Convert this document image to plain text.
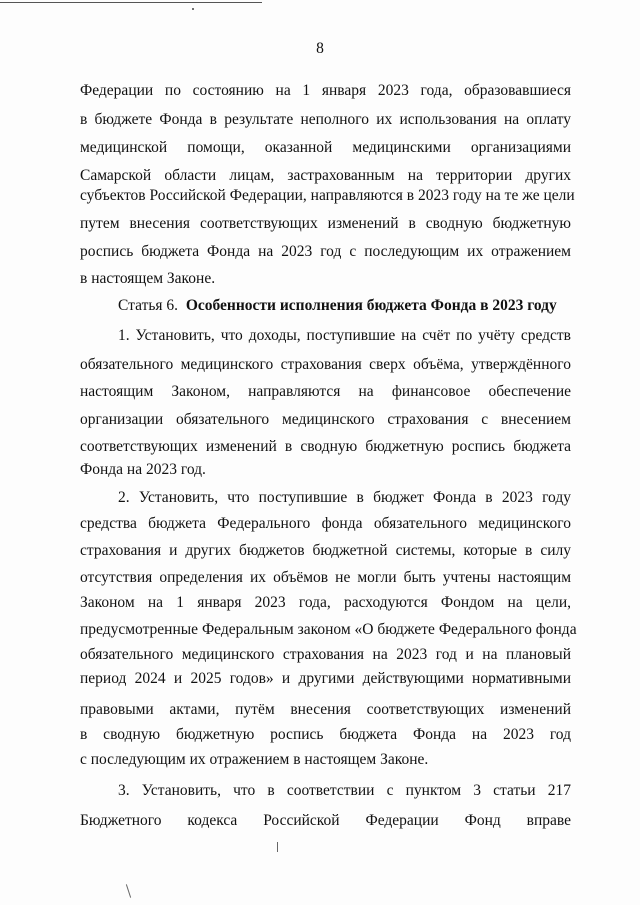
8
Федерации по состоянию на 1 января 2023 года, образовавшиеся
в бюджете Фонда в результате неполного их использования на оплату
медицинской помощи, оказанной медицинскими организациями
Самарской области лицам, застрахованным на территории других
субъектов Российской Федерации, направляются в 2023 году на те же цели
путем внесения соответствующих изменений в сводную бюджетную
роспись бюджета Фонда на 2023 год с последующим их отражением
в настоящем Законе.
Статья 6. Особенности исполнения бюджета Фонда в 2023 году
1. Установить, что доходы, поступившие на счёт по учёту средств
обязательного медицинского страхования сверх объёма, утверждённого
настоящим Законом, направляются на финансовое обеспечение
организации обязательного медицинского страхования с внесением
соответствующих изменений в сводную бюджетную роспись бюджета
Фонда на 2023 год.
2. Установить, что поступившие в бюджет Фонда в 2023 году
средства бюджета Федерального фонда обязательного медицинского
страхования и других бюджетов бюджетной системы, которые в силу
отсутствия определения их объёмов не могли быть учтены настоящим
Законом на 1 января 2023 года, расходуются Фондом на цели,
предусмотренные Федеральным законом «О бюджете Федерального фонда
обязательного медицинского страхования на 2023 год и на плановый
период 2024 и 2025 годов» и другими действующими нормативными
правовыми актами, путём внесения соответствующих изменений
в сводную бюджетную роспись бюджета Фонда на 2023 год
с последующим их отражением в настоящем Законе.
3. Установить, что в соответствии с пунктом 3 статьи 217
Бюджетного кодекса Российской Федерации Фонд вправе
